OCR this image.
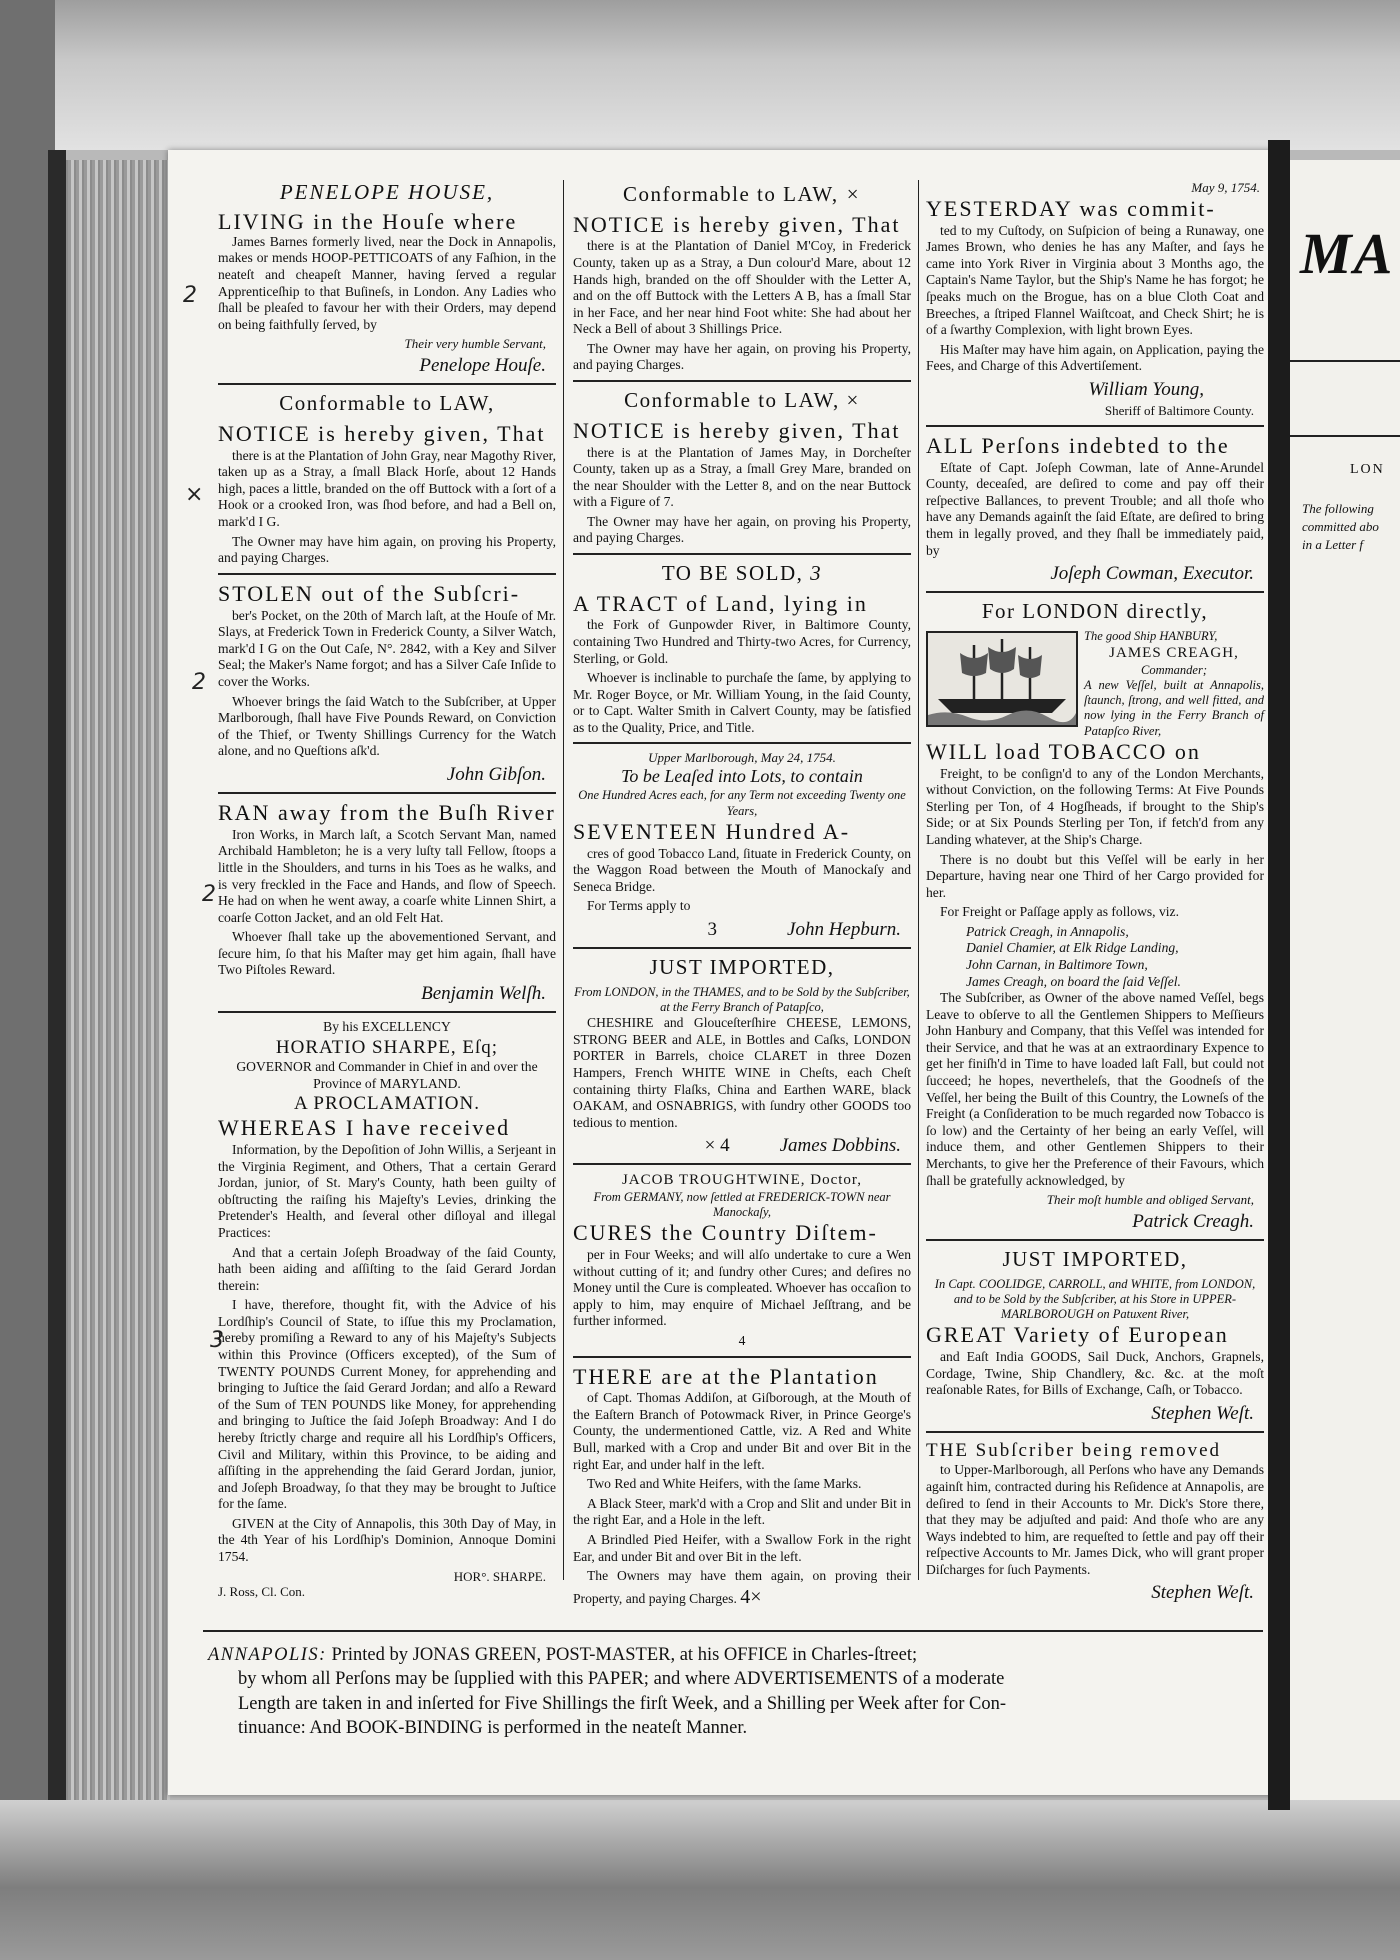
PENELOPE HOUSE,
LIVING in the Houſe where

James Barnes formerly lived, near the Dock in Annapolis, makes or mends HOOP-PETTICOATS of any Faſhion, in the neateſt and cheapeſt Manner, having ſerved a regular Apprenticeſhip to that Buſineſs, in London. Any Ladies who ſhall be pleaſed to favour her with their Orders, may depend on being faithfully ſerved, by

Their very humble Servant,
Penelope Houſe.
Conformable to LAW,
NOTICE is hereby given, That

there is at the Plantation of John Gray, near Magothy River, taken up as a Stray, a ſmall Black Horſe, about 12 Hands high, paces a little, branded on the off Buttock with a ſort of a Hook or a crooked Iron, was ſhod before, and had a Bell on, mark'd I G.

The Owner may have him again, on proving his Property, and paying Charges.

STOLEN out of the Subſcri-

ber's Pocket, on the 20th of March laſt, at the Houſe of Mr. Slays, at Frederick Town in Frederick County, a Silver Watch, mark'd I G on the Out Caſe, N°. 2842, with a Key and Silver Seal; the Maker's Name forgot; and has a Silver Caſe Inſide to cover the Works.

Whoever brings the ſaid Watch to the Subſcriber, at Upper Marlborough, ſhall have Five Pounds Reward, on Conviction of the Thief, or Twenty Shillings Currency for the Watch alone, and no Queſtions aſk'd.

John Gibſon.
RAN away from the Buſh River

Iron Works, in March laſt, a Scotch Servant Man, named Archibald Hambleton; he is a very luſty tall Fellow, ſtoops a little in the Shoulders, and turns in his Toes as he walks, and is very freckled in the Face and Hands, and ſlow of Speech. He had on when he went away, a coarſe white Linnen Shirt, a coarſe Cotton Jacket, and an old Felt Hat.

Whoever ſhall take up the abovementioned Servant, and ſecure him, ſo that his Maſter may get him again, ſhall have Two Piſtoles Reward.

Benjamin Welſh.
By his EXCELLENCY
HORATIO SHARPE, Eſq;
GOVERNOR and Commander in Chief in and over the Province of MARYLAND.
A PROCLAMATION.
WHEREAS I have received

Information, by the Depoſition of John Willis, a Serjeant in the Virginia Regiment, and Others, That a certain Gerard Jordan, junior, of St. Mary's County, hath been guilty of obſtructing the raiſing his Majeſty's Levies, drinking the Pretender's Health, and ſeveral other diſloyal and illegal Practices:

And that a certain Joſeph Broadway of the ſaid County, hath been aiding and aſſiſting to the ſaid Gerard Jordan therein:

I have, therefore, thought fit, with the Advice of his Lordſhip's Council of State, to iſſue this my Proclamation, hereby promiſing a Reward to any of his Majeſty's Subjects within this Province (Officers excepted), of the Sum of TWENTY POUNDS Current Money, for apprehending and bringing to Juſtice the ſaid Gerard Jordan; and alſo a Reward of the Sum of TEN POUNDS like Money, for apprehending and bringing to Juſtice the ſaid Joſeph Broadway: And I do hereby ſtrictly charge and require all his Lordſhip's Officers, Civil and Military, within this Province, to be aiding and aſſiſting in the apprehending the ſaid Gerard Jordan, junior, and Joſeph Broadway, ſo that they may be brought to Juſtice for the ſame.

GIVEN at the City of Annapolis, this 30th Day of May, in the 4th Year of his Lordſhip's Dominion, Annoque Domini 1754.

HOR°. SHARPE.
J. Ross, Cl. Con.
Conformable to LAW, ×
NOTICE is hereby given, That

there is at the Plantation of Daniel M'Coy, in Frederick County, taken up as a Stray, a Dun colour'd Mare, about 12 Hands high, branded on the off Shoulder with the Letter A, and on the off Buttock with the Letters A B, has a ſmall Star in her Face, and her near hind Foot white: She had about her Neck a Bell of about 3 Shillings Price.

The Owner may have her again, on proving his Property, and paying Charges.

Conformable to LAW, ×
NOTICE is hereby given, That

there is at the Plantation of James May, in Dorcheſter County, taken up as a Stray, a ſmall Grey Mare, branded on the near Shoulder with the Letter 8, and on the near Buttock with a Figure of 7.

The Owner may have her again, on proving his Property, and paying Charges.

TO BE SOLD, 3
A TRACT of Land, lying in

the Fork of Gunpowder River, in Baltimore County, containing Two Hundred and Thirty-two Acres, for Currency, Sterling, or Gold.

Whoever is inclinable to purchaſe the ſame, by applying to Mr. Roger Boyce, or Mr. William Young, in the ſaid County, or to Capt. Walter Smith in Calvert County, may be ſatisfied as to the Quality, Price, and Title.

Upper Marlborough, May 24, 1754.
To be Leaſed into Lots, to contain
One Hundred Acres each, for any Term not exceeding Twenty one Years,
SEVENTEEN Hundred A-

cres of good Tobacco Land, ſituate in Frederick County, on the Waggon Road between the Mouth of Manockaſy and Seneca Bridge.

For Terms apply to

3	John Hepburn.
JUST IMPORTED,
From LONDON, in the THAMES, and to be Sold by the Subſcriber, at the Ferry Branch of Patapſco,

CHESHIRE and Glouceſterſhire CHEESE, LEMONS, STRONG BEER and ALE, in Bottles and Caſks, LONDON PORTER in Barrels, choice CLARET in three Dozen Hampers, French WHITE WINE in Cheſts, each Cheſt containing thirty Flaſks, China and Earthen WARE, black OAKAM, and OSNABRIGS, with ſundry other GOODS too tedious to mention.

× 4	James Dobbins.
JACOB TROUGHTWINE, Doctor,
From GERMANY, now ſettled at FREDERICK-TOWN near Manockaſy,
CURES the Country Diſtem-

per in Four Weeks; and will alſo undertake to cure a Wen without cutting of it; and ſundry other Cures; and deſires no Money until the Cure is compleated. Whoever has occaſion to apply to him, may enquire of Michael Jeſſtrang, and be further informed.

4
THERE are at the Plantation

of Capt. Thomas Addiſon, at Giſborough, at the Mouth of the Eaſtern Branch of Potowmack River, in Prince George's County, the undermentioned Cattle, viz. A Red and White Bull, marked with a Crop and under Bit and over Bit in the right Ear, and under half in the left.

Two Red and White Heifers, with the ſame Marks.

A Black Steer, mark'd with a Crop and Slit and under Bit in the right Ear, and a Hole in the left.

A Brindled Pied Heifer, with a Swallow Fork in the right Ear, and under Bit and over Bit in the left.

The Owners may have them again, on proving their Property, and paying Charges. 4×

May 9, 1754.
YESTERDAY was commit-

ted to my Cuſtody, on Suſpicion of being a Runaway, one James Brown, who denies he has any Maſter, and ſays he came into York River in Virginia about 3 Months ago, the Captain's Name Taylor, but the Ship's Name he has forgot; he ſpeaks much on the Brogue, has on a blue Cloth Coat and Breeches, a ſtriped Flannel Waiſtcoat, and Check Shirt; he is of a ſwarthy Complexion, with light brown Eyes.

His Maſter may have him again, on Application, paying the Fees, and Charge of this Advertiſement.

William Young,
Sheriff of Baltimore County.
ALL Perſons indebted to the

Eſtate of Capt. Joſeph Cowman, late of Anne-Arundel County, deceaſed, are deſired to come and pay off their reſpective Ballances, to prevent Trouble; and all thoſe who have any Demands againſt the ſaid Eſtate, are deſired to bring them in legally proved, and they ſhall be immediately paid, by

Joſeph Cowman, Executor.
For LONDON directly,
The good Ship HANBURY,
JAMES CREAGH,
Commander;
A new Veſſel, built at Annapolis, ſtaunch, ſtrong, and well fitted, and now lying in the Ferry Branch of Patapſco River,
WILL load TOBACCO on

Freight, to be conſign'd to any of the London Merchants, without Conviction, on the following Terms: At Five Pounds Sterling per Ton, of 4 Hogſheads, if brought to the Ship's Side; or at Six Pounds Sterling per Ton, if fetch'd from any Landing whatever, at the Ship's Charge.

There is no doubt but this Veſſel will be early in her Departure, having near one Third of her Cargo provided for her.

For Freight or Paſſage apply as follows, viz.

Patrick Creagh, in Annapolis,
Daniel Chamier, at Elk Ridge Landing,
John Carnan, in Baltimore Town,
James Creagh, on board the ſaid Veſſel.

The Subſcriber, as Owner of the above named Veſſel, begs Leave to obſerve to all the Gentlemen Shippers to Meſſieurs John Hanbury and Company, that this Veſſel was intended for their Service, and that he was at an extraordinary Expence to get her finiſh'd in Time to have loaded laſt Fall, but could not ſucceed; he hopes, nevertheleſs, that the Goodneſs of the Veſſel, her being the Built of this Country, the Lowneſs of the Freight (a Conſideration to be much regarded now Tobacco is ſo low) and the Certainty of her being an early Veſſel, will induce them, and other Gentlemen Shippers to their Merchants, to give her the Preference of their Favours, which ſhall be gratefully acknowledged, by

Their moſt humble and obliged Servant,
Patrick Creagh.
JUST IMPORTED,
In Capt. COOLIDGE, CARROLL, and WHITE, from LONDON, and to be Sold by the Subſcriber, at his Store in UPPER-MARLBOROUGH on Patuxent River,
GREAT Variety of European

and Eaſt India GOODS, Sail Duck, Anchors, Grapnels, Cordage, Twine, Ship Chandlery, &c. &c. at the moſt reaſonable Rates, for Bills of Exchange, Caſh, or Tobacco.

Stephen Weſt.
THE Subſcriber being removed

to Upper-Marlborough, all Perſons who have any Demands againſt him, contracted during his Reſidence at Annapolis, are deſired to ſend in their Accounts to Mr. Dick's Store there, that they may be adjuſted and paid: And thoſe who are any Ways indebted to him, are requeſted to ſettle and pay off their reſpective Accounts to Mr. James Dick, who will grant proper Diſcharges for ſuch Payments.

Stephen Weſt.
ANNAPOLIS: Printed by JONAS GREEN, POST-MASTER, at his OFFICE in Charles-ſtreet;
by whom all Perſons may be ſupplied with this PAPER; and where ADVERTISEMENTS of a moderate
Length are taken in and inſerted for Five Shillings the firſt Week, and a Shilling per Week after for Con-
tinuance: And BOOK-BINDING is performed in the neateſt Manner.
2
×
2
2
3
MA
LON
The following
committed abo
in a Letter f
